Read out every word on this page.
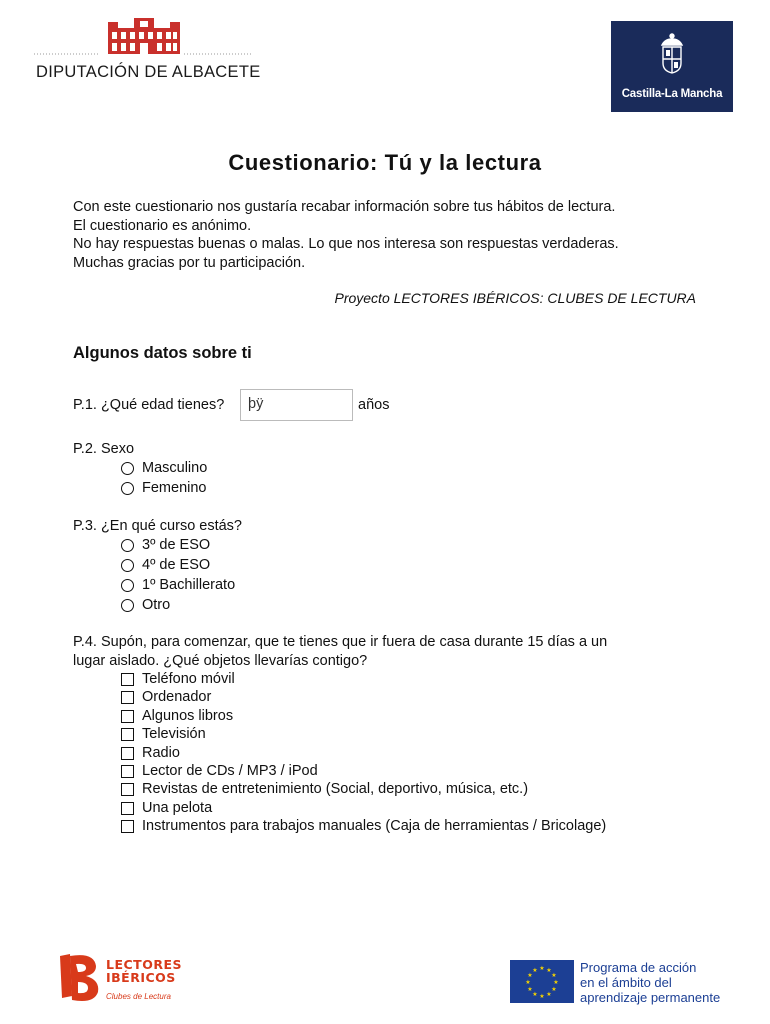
DIPUTACIÓN DE ALBACETE
Castilla-La Mancha
Cuestionario: Tú y la lectura
Con este cuestionario nos gustaría recabar información sobre tus hábitos de lectura.
El cuestionario es anónimo.
No hay respuestas buenas o malas. Lo que nos interesa son respuestas verdaderas.
Muchas gracias por tu participación.
Proyecto LECTORES IBÉRICOS: CLUBES DE LECTURA
Algunos datos sobre ti
P.1. ¿Qué edad tienes?	þÿ	años
P.2. Sexo
Masculino
Femenino
P.3. ¿En qué curso estás?
3º de ESO
4º de ESO
1º Bachillerato
Otro
P.4. Supón, para comenzar, que te tienes que ir fuera de casa durante 15 días a un
lugar aislado. ¿Qué objetos llevarías contigo?
Teléfono móvil
Ordenador
Algunos libros
Televisión
Radio
Lector de CDs / MP3 / iPod
Revistas de entretenimiento (Social, deportivo, música, etc.)
Una pelota
Instrumentos para trabajos manuales (Caja de herramientas / Bricolage)
LECTORES
IBÉRICOS
Clubes de Lectura
★ ★
★
★
★
★
★
★
★
★
★
★	Programa de acción
en el ámbito del
aprendizaje permanente
